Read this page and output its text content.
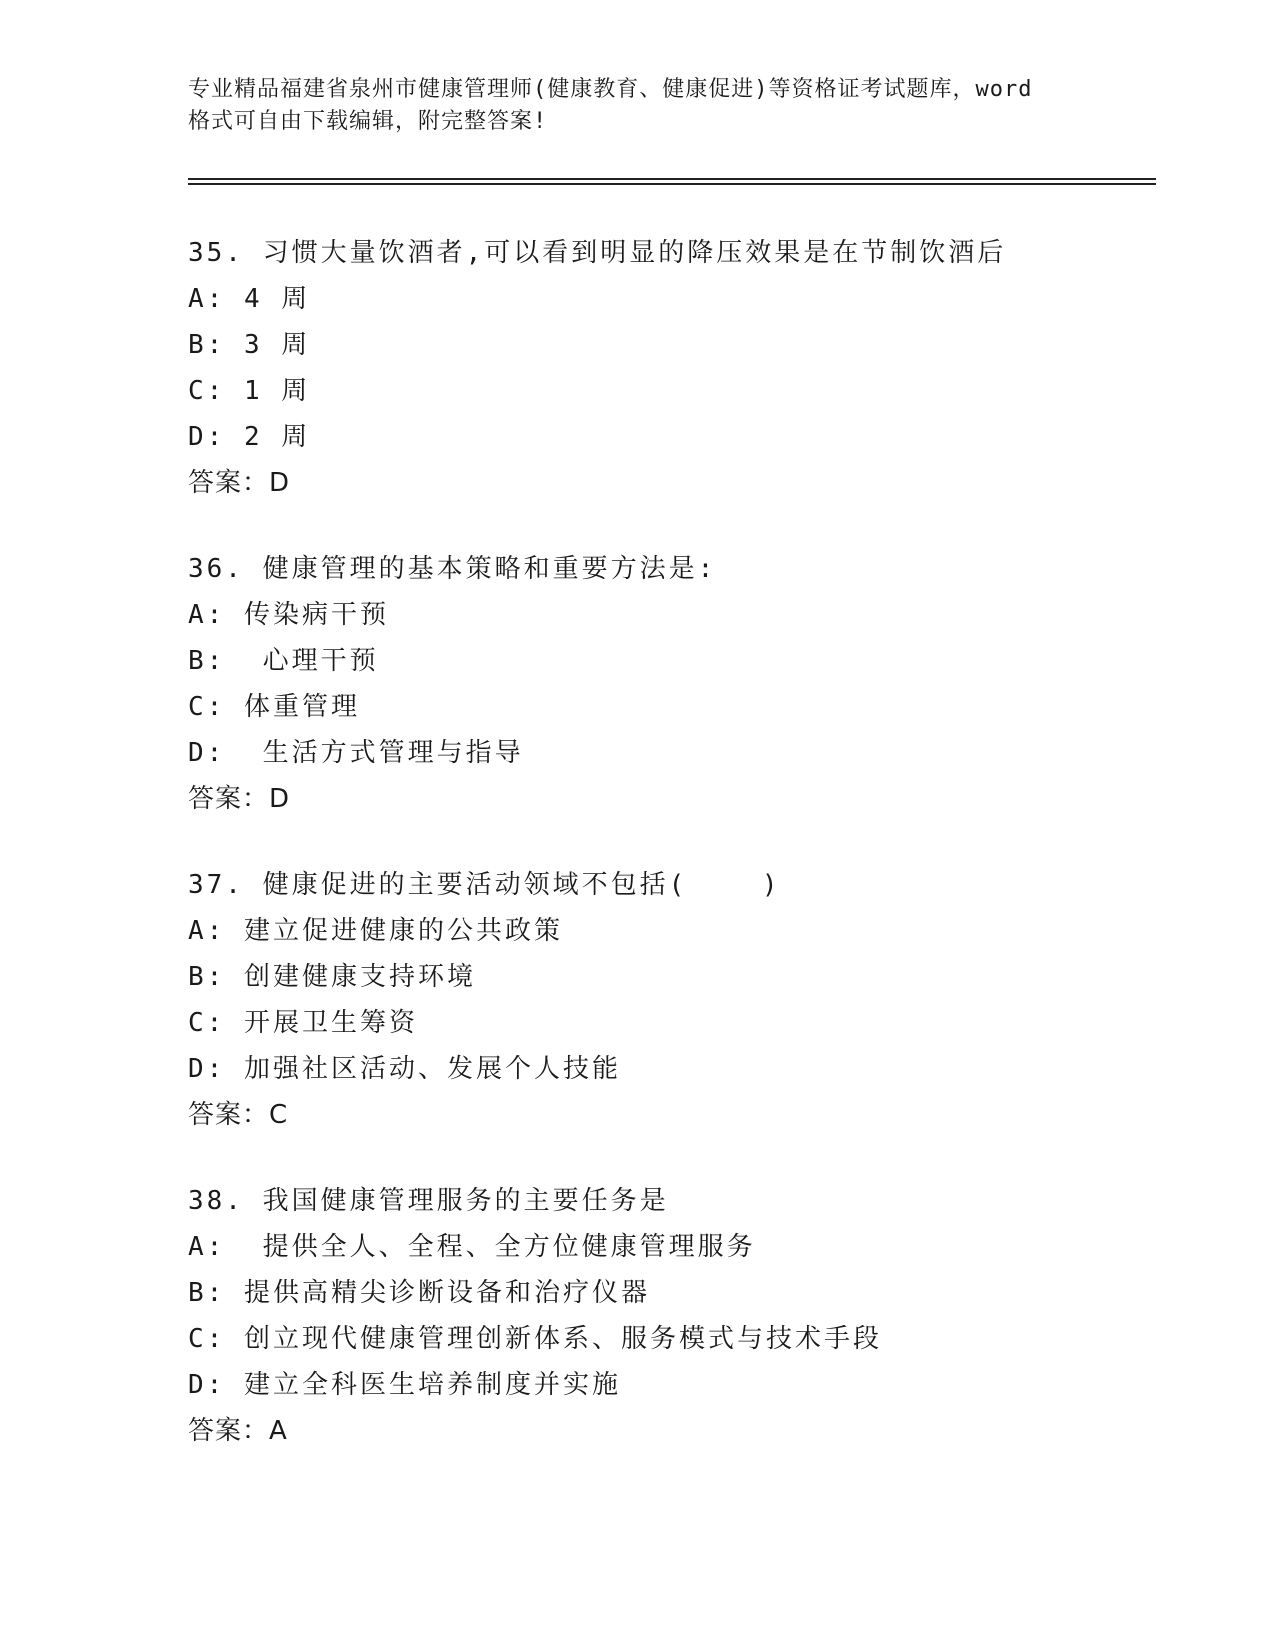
专业精品福建省泉州市健康管理师(健康教育、健康促进)等资格证考试题库，word
格式可自由下载编辑，附完整答案!
35. 习惯大量饮酒者,可以看到明显的降压效果是在节制饮酒后
A: 4 周
B: 3 周
C: 1 周
D: 2 周
答案：D
36. 健康管理的基本策略和重要方法是:
A: 传染病干预
B:  心理干预
C: 体重管理
D:  生活方式管理与指导
答案：D
37. 健康促进的主要活动领域不包括(    )
A: 建立促进健康的公共政策
B: 创建健康支持环境
C: 开展卫生筹资
D: 加强社区活动、发展个人技能
答案：C
38. 我国健康管理服务的主要任务是
A:  提供全人、全程、全方位健康管理服务
B: 提供高精尖诊断设备和治疗仪器
C: 创立现代健康管理创新体系、服务模式与技术手段
D: 建立全科医生培养制度并实施
答案：A
